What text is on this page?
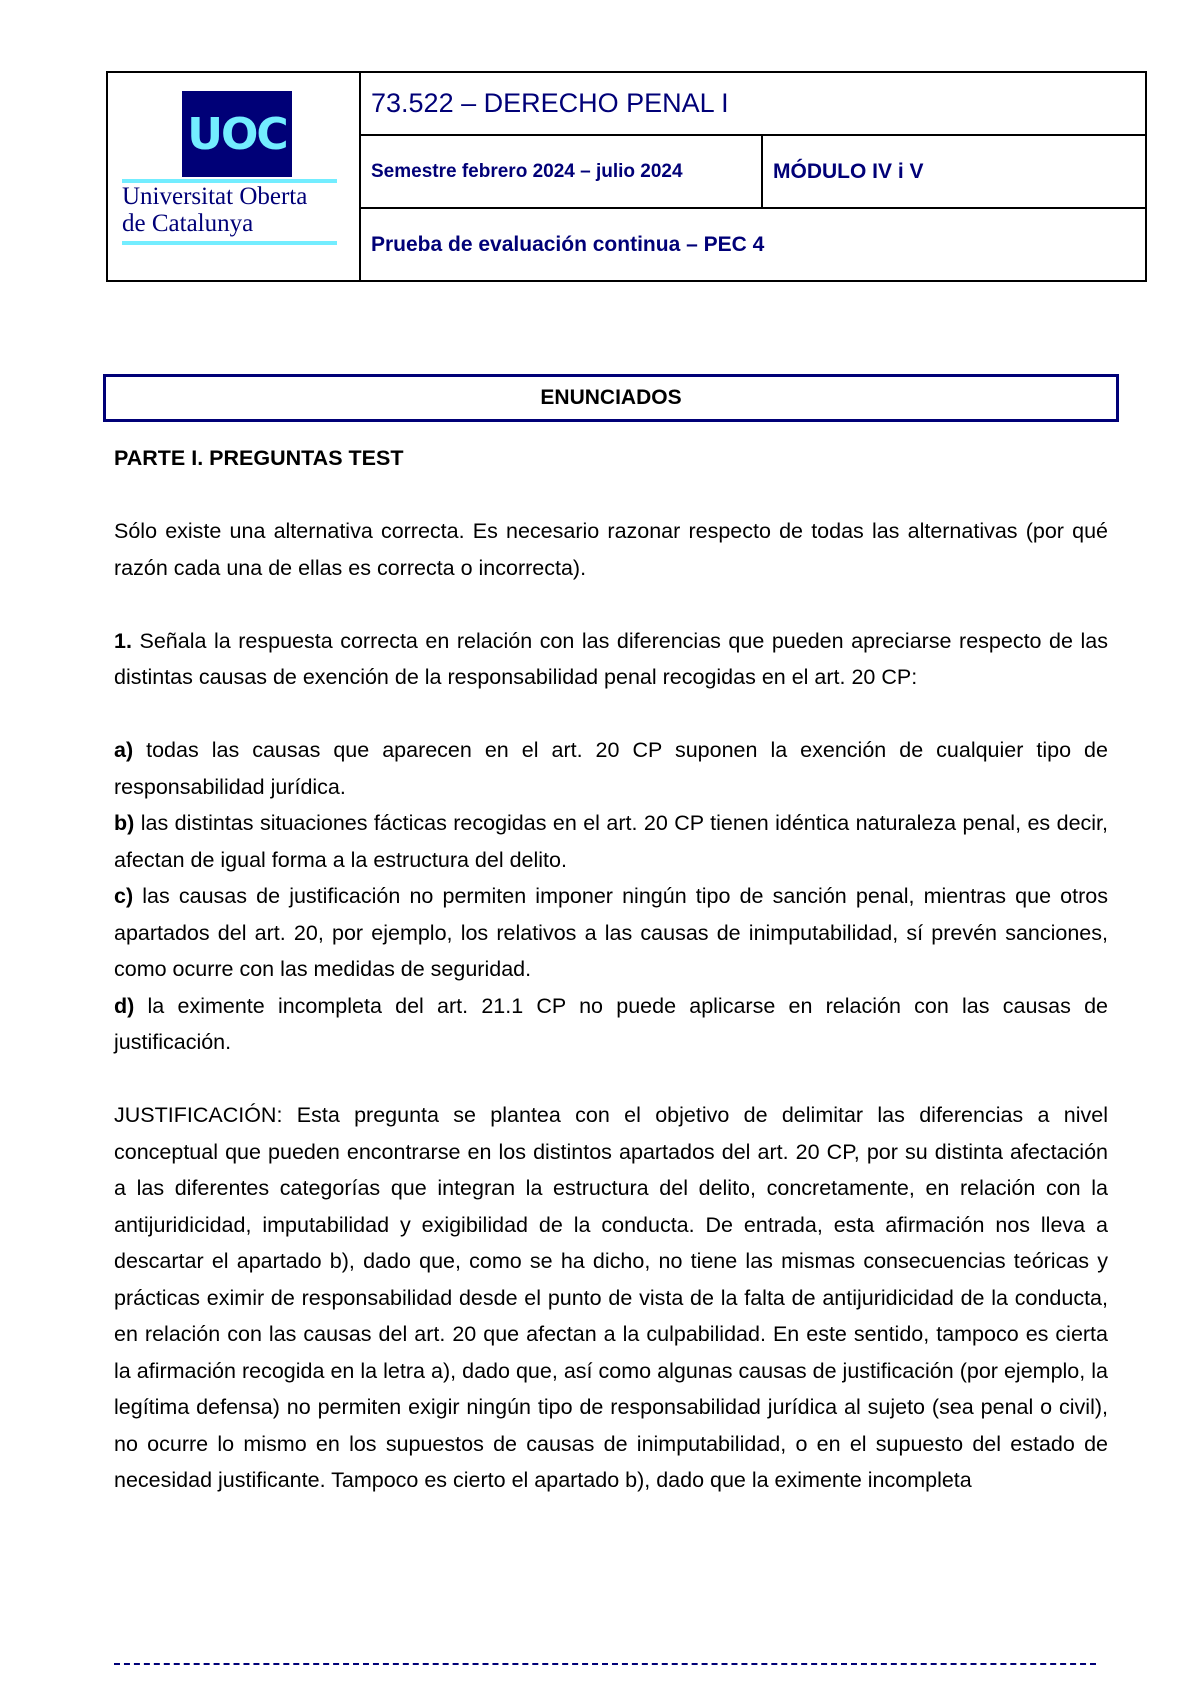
UOC
Universitat Oberta
de Catalunya
73.522 – DERECHO PENAL I
Semestre febrero 2024 – julio 2024	MÓDULO IV i V
Prueba de evaluación continua – PEC 4
ENUNCIADOS

PARTE I. PREGUNTAS TEST

Sólo existe una alternativa correcta. Es necesario razonar respecto de todas las alternativas (por qué razón cada una de ellas es correcta o incorrecta).

1. Señala la respuesta correcta en relación con las diferencias que pueden apreciarse respecto de las distintas causas de exención de la responsabilidad penal recogidas en el art. 20 CP:

a) todas las causas que aparecen en el art. 20 CP suponen la exención de cualquier tipo de responsabilidad jurídica.

b) las distintas situaciones fácticas recogidas en el art. 20 CP tienen idéntica naturaleza penal, es decir, afectan de igual forma a la estructura del delito.

c) las causas de justificación no permiten imponer ningún tipo de sanción penal, mientras que otros apartados del art. 20, por ejemplo, los relativos a las causas de inimputabilidad, sí prevén sanciones, como ocurre con las medidas de seguridad.

d) la eximente incompleta del art. 21.1 CP no puede aplicarse en relación con las causas de justificación.

JUSTIFICACIÓN: Esta pregunta se plantea con el objetivo de delimitar las diferencias a nivel conceptual que pueden encontrarse en los distintos apartados del art. 20 CP, por su distinta afectación a las diferentes categorías que integran la estructura del delito, concretamente, en relación con la antijuridicidad, imputabilidad y exigibilidad de la conducta. De entrada, esta afirmación nos lleva a descartar el apartado b), dado que, como se ha dicho, no tiene las mismas consecuencias teóricas y prácticas eximir de responsabilidad desde el punto de vista de la falta de antijuridicidad de la conducta, en relación con las causas del art. 20 que afectan a la culpabilidad. En este sentido, tampoco es cierta la afirmación recogida en la letra a), dado que, así como algunas causas de justificación (por ejemplo, la legítima defensa) no permiten exigir ningún tipo de responsabilidad jurídica al sujeto (sea penal o civil), no ocurre lo mismo en los supuestos de causas de inimputabilidad, o en el supuesto del estado de necesidad justificante. Tampoco es cierto el apartado b), dado que la eximente incompleta
